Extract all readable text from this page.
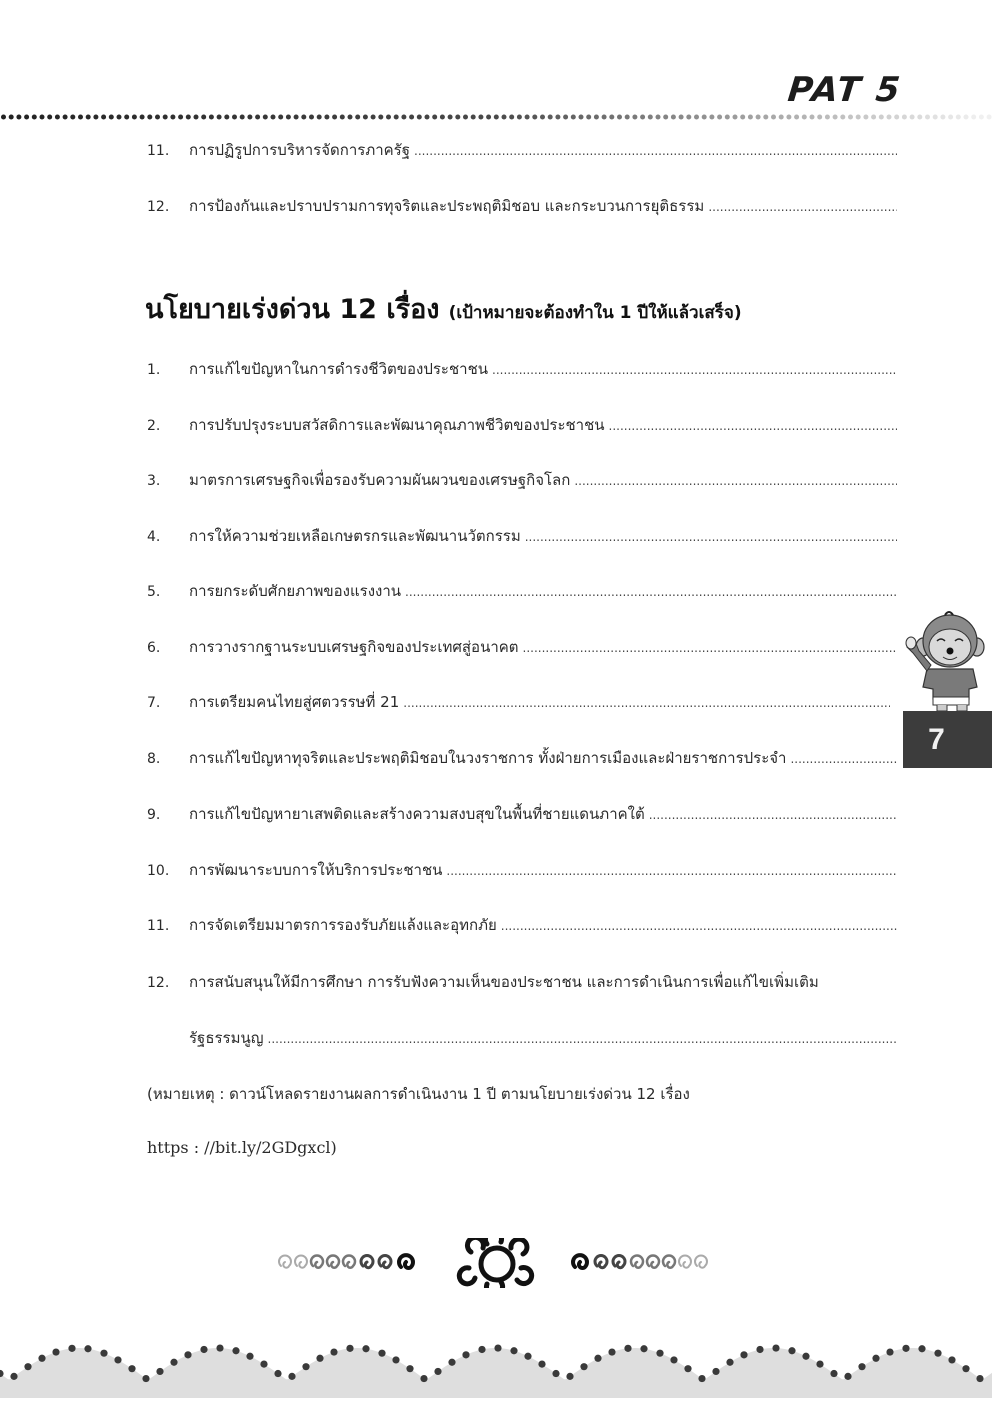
PAT 5
11.	การปฏิรูปการบริหารจัดการภาครัฐ
.....
12.	การป้องกันและปราบปรามการทุจริตและประพฤติมิชอบ และกระบวนการยุติธรรม
.....
นโยบายเร่งด่วน 12 เรื่อง (เป้าหมายจะต้องทำใน 1 ปีให้แล้วเสร็จ)
1.	การแก้ไขปัญหาในการดำรงชีวิตของประชาชน
.....
2.	การปรับปรุงระบบสวัสดิการและพัฒนาคุณภาพชีวิตของประชาชน
.....
3.	มาตรการเศรษฐกิจเพื่อรองรับความผันผวนของเศรษฐกิจโลก
.....
4.	การให้ความช่วยเหลือเกษตรกรและพัฒนานวัตกรรม
.....
5.	การยกระดับศักยภาพของแรงงาน
.....
6.	การวางรากฐานระบบเศรษฐกิจของประเทศสู่อนาคต
.....
7.	การเตรียมคนไทยสู่ศตวรรษที่ 21
.....
8.	การแก้ไขปัญหาทุจริตและประพฤติมิชอบในวงราชการ ทั้งฝ่ายการเมืองและฝ่ายราชการประจำ
.....
9.	การแก้ไขปัญหายาเสพติดและสร้างความสงบสุขในพื้นที่ชายแดนภาคใต้
.....
10.	การพัฒนาระบบการให้บริการประชาชน
.....
11.	การจัดเตรียมมาตรการรองรับภัยแล้งและอุทกภัย
.....
12.	การสนับสนุนให้มีการศึกษา การรับฟังความเห็นของประชาชน และการดำเนินการเพื่อแก้ไขเพิ่มเติม
รัฐธรรมนูญ
.....
(หมายเหตุ : ดาวน์โหลดรายงานผลการดำเนินงาน 1 ปี ตามนโยบายเร่งด่วน 12 เรื่อง
https : //bit.ly/2GDgxcl)
7
